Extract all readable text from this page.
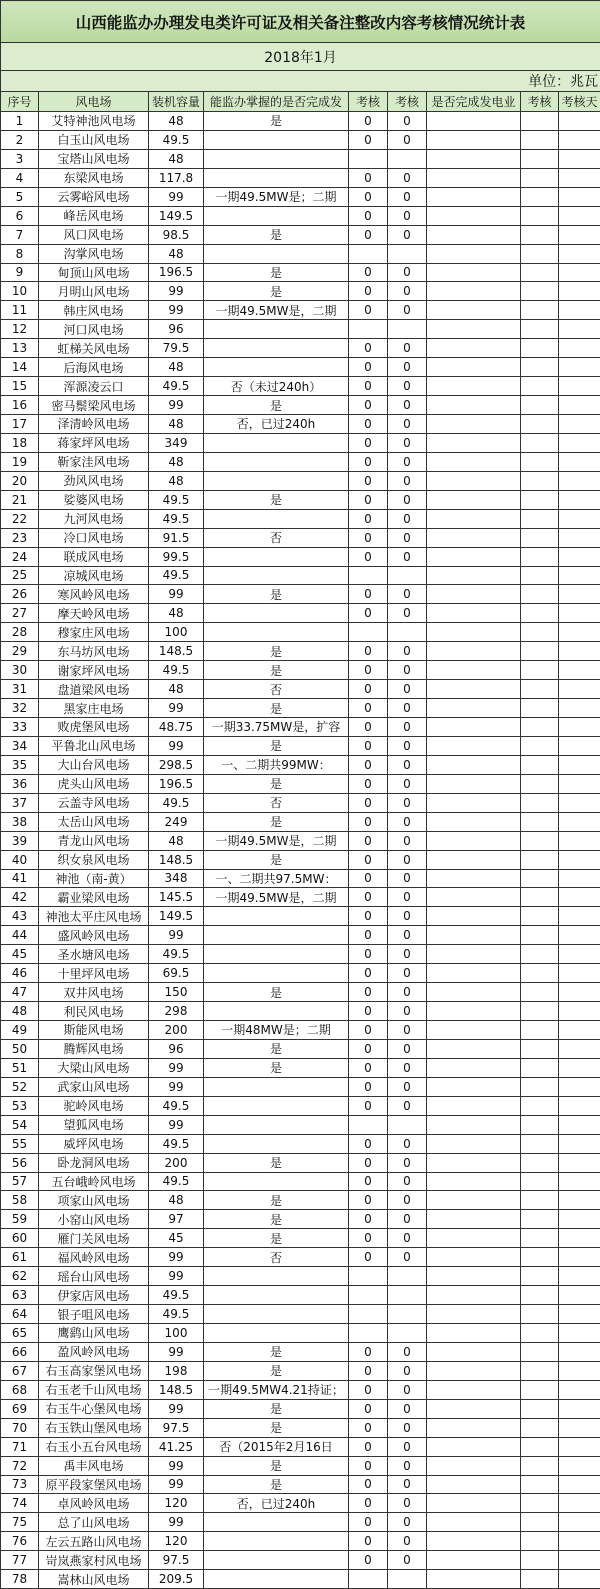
山西能监办办理发电类许可证及相关备注整改内容考核情况统计表								
2018年1月								
单位：兆瓦								
序号	风电场	装机容量	能监办掌握的是否完成发	考核	考核	是否完成发电业	考核	考核天
1	艾特神池风电场	48	是	0	0			
2	白玉山风电场	49.5		0	0			
3	宝塔山风电场	48						
4	东梁风电场	117.8		0	0			
5	云雾峪风电场	99	一期49.5MW是；二期	0	0			
6	峰岳风电场	149.5		0	0			
7	风口风电场	98.5	是	0	0			
8	沟掌风电场	48						
9	甸顶山风电场	196.5	是	0	0			
10	月明山风电场	99	是	0	0			
11	韩庄风电场	99	一期49.5MW是，二期	0	0			
12	河口风电场	96						
13	虹梯关风电场	79.5		0	0			
14	后海风电场	48		0	0			
15	浑源凌云口	49.5	否（未过240h）	0	0			
16	密马鬃梁风电场	99	是	0	0			
17	泽清岭风电场	48	否，已过240h	0	0			
18	蒋家坪风电场	349		0	0			
19	靳家洼风电场	48		0	0			
20	劲风风电场	48		0	0			
21	娑婆风电场	49.5	是	0	0			
22	九河风电场	49.5		0	0			
23	冷口风电场	91.5	否	0	0			
24	联成风电场	99.5		0	0			
25	凉城风电场	49.5						
26	寒风岭风电场	99	是	0	0			
27	摩天岭风电场	48		0	0			
28	穆家庄风电场	100						
29	东马坊风电场	148.5	是	0	0			
30	谢家坪风电场	49.5	是	0	0			
31	盘道梁风电场	48	否	0	0			
32	黑家庄电场	99	是	0	0			
33	败虎堡风电场	48.75	一期33.75MW是，扩容	0	0			
34	平鲁北山风电场	99	是	0	0			
35	大山台风电场	298.5	一、二期共99MW：	0	0			
36	虎头山风电场	196.5	是	0	0			
37	云盖寺风电场	49.5	否	0	0			
38	太岳山风电场	249	是	0	0			
39	青龙山风电场	48	一期49.5MW是，二期	0	0			
40	织女泉风电场	148.5	是	0	0			
41	神池（南-黄）	348	一、二期共97.5MW：	0	0			
42	霸业梁风电场	145.5	一期49.5MW是，二期	0	0			
43	神池太平庄风电场	149.5		0	0			
44	盛风岭风电场	99		0	0			
45	圣水塘风电场	49.5		0	0			
46	十里坪风电场	69.5		0	0			
47	双井风电场	150	是	0	0			
48	利民风电场	298		0	0			
49	斯能风电场	200	一期48MW是；二期	0	0			
50	腾辉风电场	96	是	0	0			
51	大梁山风电场	99	是	0	0			
52	武家山风电场	99		0	0			
53	驼岭风电场	49.5		0	0			
54	望狐风电场	99						
55	威坪风电场	49.5		0	0			
56	卧龙洞风电场	200	是	0	0			
57	五台峨岭风电场	49.5		0	0			
58	项家山风电场	48	是	0	0			
59	小窑山风电场	97	是	0	0			
60	雁门关风电场	45	是	0	0			
61	福风岭风电场	99	否	0	0			
62	瑶台山风电场	99						
63	伊家店风电场	49.5						
64	银子咀风电场	49.5						
65	鹰鹞山风电场	100						
66	盈风岭风电场	99	是	0	0			
67	右玉高家堡风电场	198	是	0	0			
68	右玉老千山风电场	148.5	一期49.5MW4.21持证；	0	0			
69	右玉牛心堡风电场	99	是	0	0			
70	右玉铁山堡风电场	97.5	是	0	0			
71	右玉小五台风电场	41.25	否（2015年2月16日	0	0			
72	禹丰风电场	99	是	0	0			
73	原平段家堡风电场	99	是	0	0			
74	卓风岭风电场	120	否，已过240h	0	0			
75	总了山风电场	99		0	0			
76	左云五路山风电场	120		0	0			
77	岢岚燕家村风电场	97.5		0	0			
78	嵩林山风电场	209.5						
